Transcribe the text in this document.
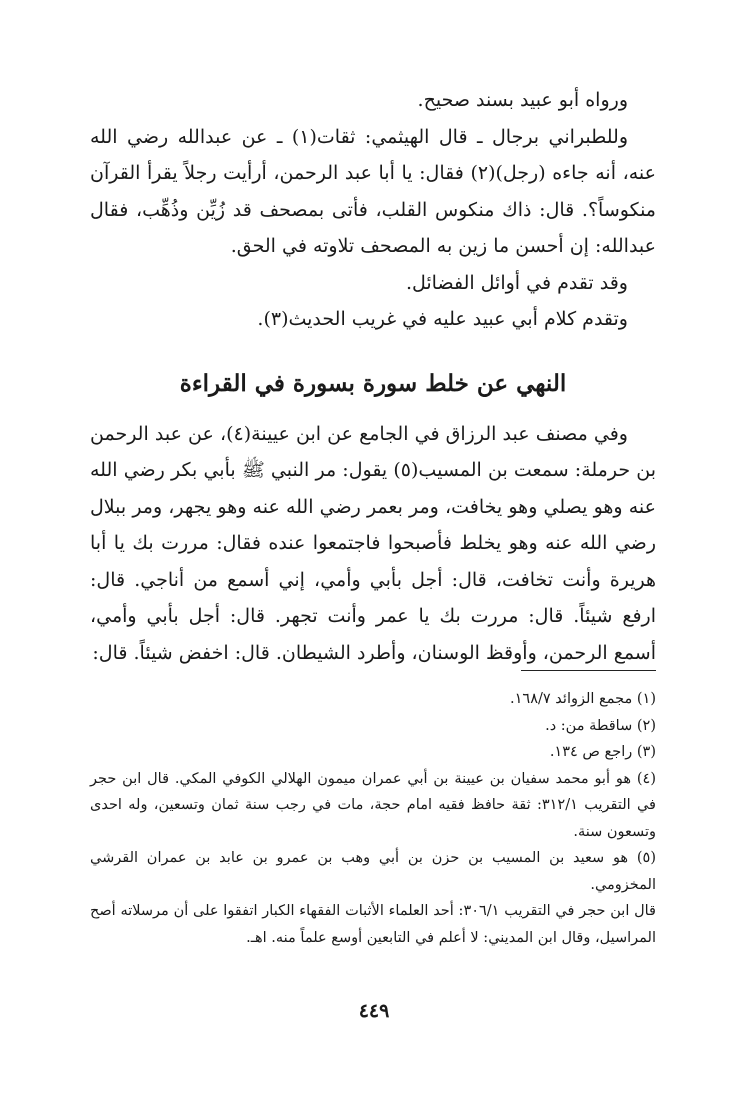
ورواه أبو عبيد بسند صحيح.

وللطبراني برجال ـ قال الهيثمي: ثقات(١) ـ عن عبدالله رضي الله عنه، أنه جاءه (رجل)(٢) فقال: يا أبا عبد الرحمن، أرأيت رجلاً يقرأ القرآن منكوساً؟. قال: ذاك منكوس القلب، فأتى بمصحف قد زُيِّن وذُهِّب، فقال عبدالله: إن أحسن ما زين به المصحف تلاوته في الحق.

وقد تقدم في أوائل الفضائل.

وتقدم كلام أبي عبيد عليه في غريب الحديث(٣).

النهي عن خلط سورة بسورة في القراءة

وفي مصنف عبد الرزاق في الجامع عن ابن عيينة(٤)، عن عبد الرحمن بن حرملة: سمعت بن المسيب(٥) يقول: مر النبي ﷺ بأبي بكر رضي الله عنه وهو يصلي وهو يخافت، ومر بعمر رضي الله عنه وهو يجهر، ومر ببلال رضي الله عنه وهو يخلط فأصبحوا فاجتمعوا عنده فقال: مررت بك يا أبا هريرة وأنت تخافت، قال: أجل بأبي وأمي، إني أسمع من أناجي. قال: ارفع شيئاً. قال: مررت بك يا عمر وأنت تجهر. قال: أجل بأبي وأمي، أسمع الرحمن، وأوقظ الوسنان، وأطرد الشيطان. قال: اخفض شيئاً. قال:

(١) مجمع الزوائد ١٦٨/٧.

(٢) ساقطة من: د.

(٣) راجع ص ١٣٤.

(٤) هو أبو محمد سفيان بن عيينة بن أبي عمران ميمون الهلالي الكوفي المكي. قال ابن حجر في التقريب ٣١٢/١: ثقة حافظ فقيه امام حجة، مات في رجب سنة ثمان وتسعين، وله احدى وتسعون سنة.

(٥) هو سعيد بن المسيب بن حزن بن أبي وهب بن عمرو بن عابد بن عمران القرشي المخزومي.

قال ابن حجر في التقريب ٣٠٦/١: أحد العلماء الأثبات الفقهاء الكبار اتفقوا على أن مرسلاته أصح المراسيل، وقال ابن المديني: لا أعلم في التابعين أوسع علماً منه. اهـ.

٤٤٩
